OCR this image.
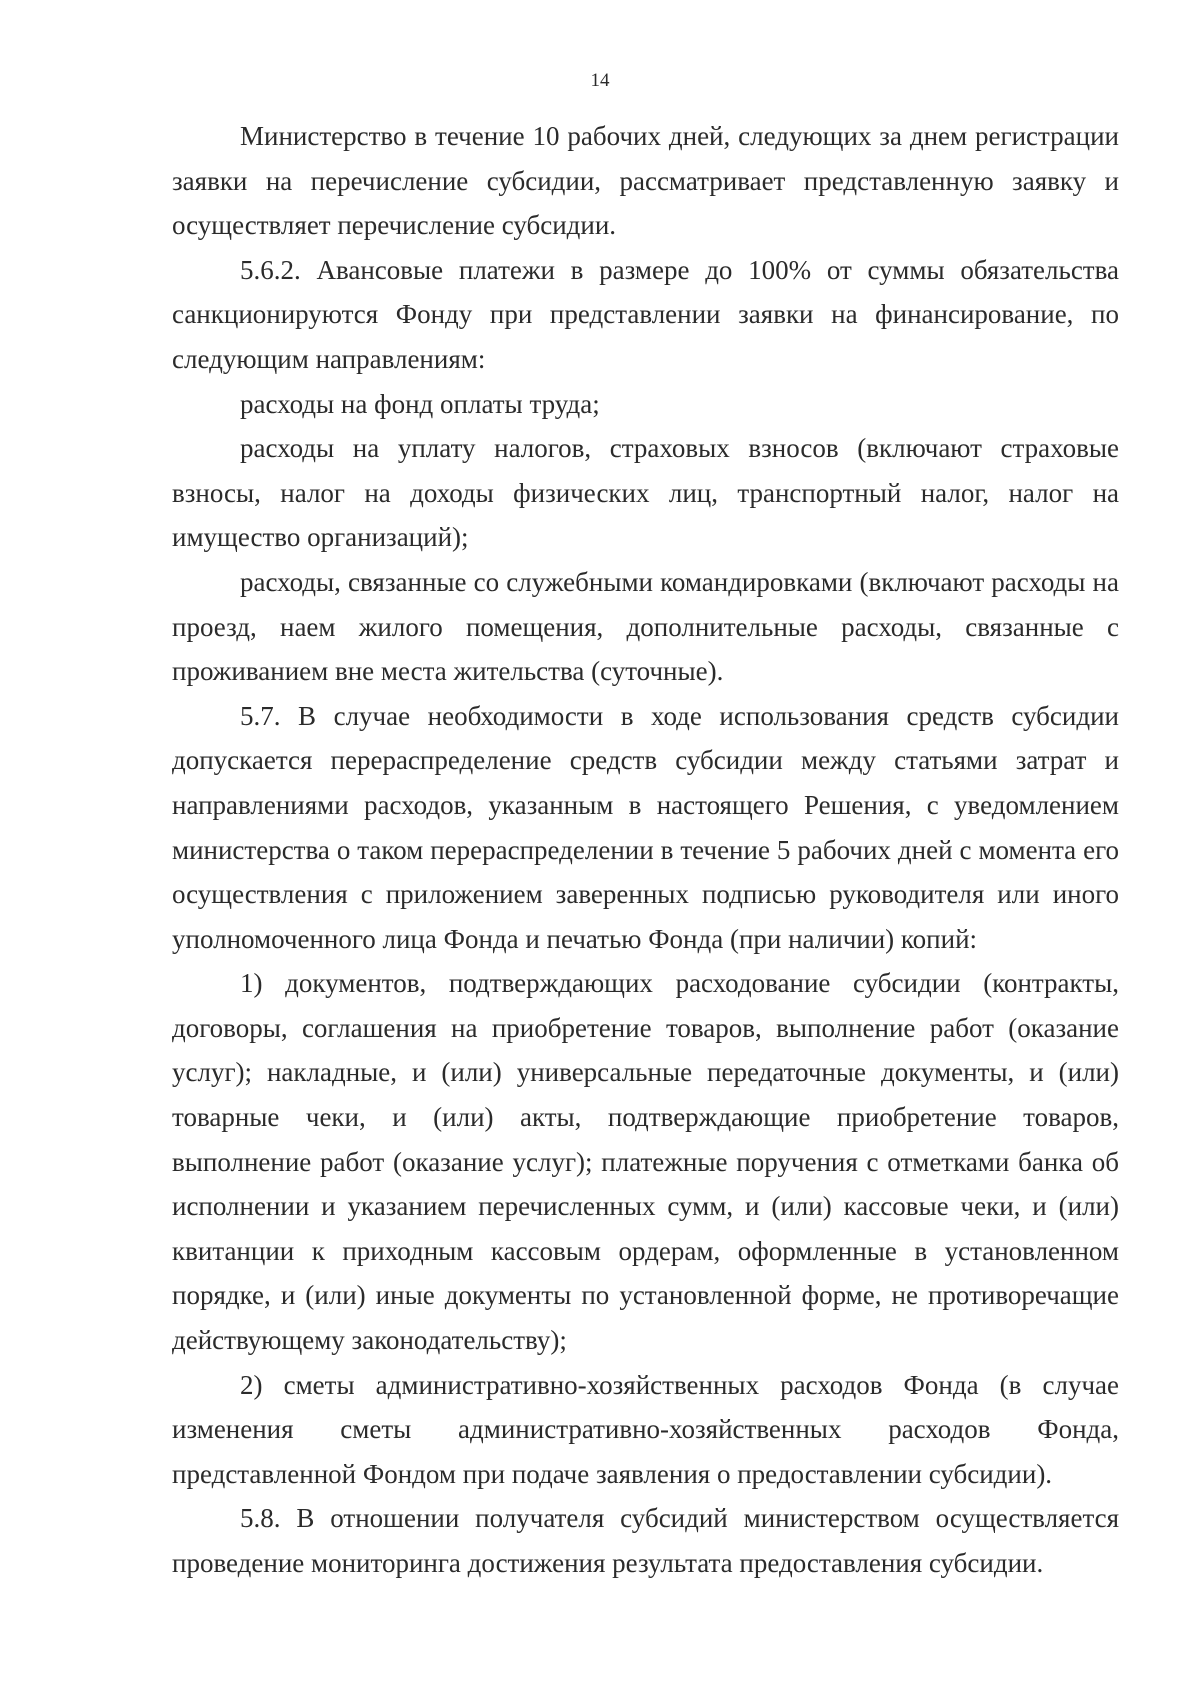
14

Министерство в течение 10 рабочих дней, следующих за днем регистрации заявки на перечисление субсидии, рассматривает представленную заявку и осуществляет перечисление субсидии.

5.6.2. Авансовые платежи в размере до 100% от суммы обязательства санкционируются Фонду при представлении заявки на финансирование, по следующим направлениям:

расходы на фонд оплаты труда;

расходы на уплату налогов, страховых взносов (включают страховые взносы, налог на доходы физических лиц, транспортный налог, налог на имущество организаций);

расходы, связанные со служебными командировками (включают расходы на проезд, наем жилого помещения, дополнительные расходы, связанные с проживанием вне места жительства (суточные).

5.7. В случае необходимости в ходе использования средств субсидии допускается перераспределение средств субсидии между статьями затрат и направлениями расходов, указанным в настоящего Решения, с уведомлением министерства о таком перераспределении в течение 5 рабочих дней с момента его осуществления с приложением заверенных подписью руководителя или иного уполномоченного лица Фонда и печатью Фонда (при наличии) копий:

1) документов, подтверждающих расходование субсидии (контракты, договоры, соглашения на приобретение товаров, выполнение работ (оказание услуг); накладные, и (или) универсальные передаточные документы, и (или) товарные чеки, и (или) акты, подтверждающие приобретение товаров, выполнение работ (оказание услуг); платежные поручения с отметками банка об исполнении и указанием перечисленных сумм, и (или) кассовые чеки, и (или) квитанции к приходным кассовым ордерам, оформленные в установленном порядке, и (или) иные документы по установленной форме, не противоречащие действующему законодательству);

2) сметы административно-хозяйственных расходов Фонда (в случае изменения сметы административно-хозяйственных расходов Фонда, представленной Фондом при подаче заявления о предоставлении субсидии).

5.8. В отношении получателя субсидий министерством осуществляется проведение мониторинга достижения результата предоставления субсидии.
